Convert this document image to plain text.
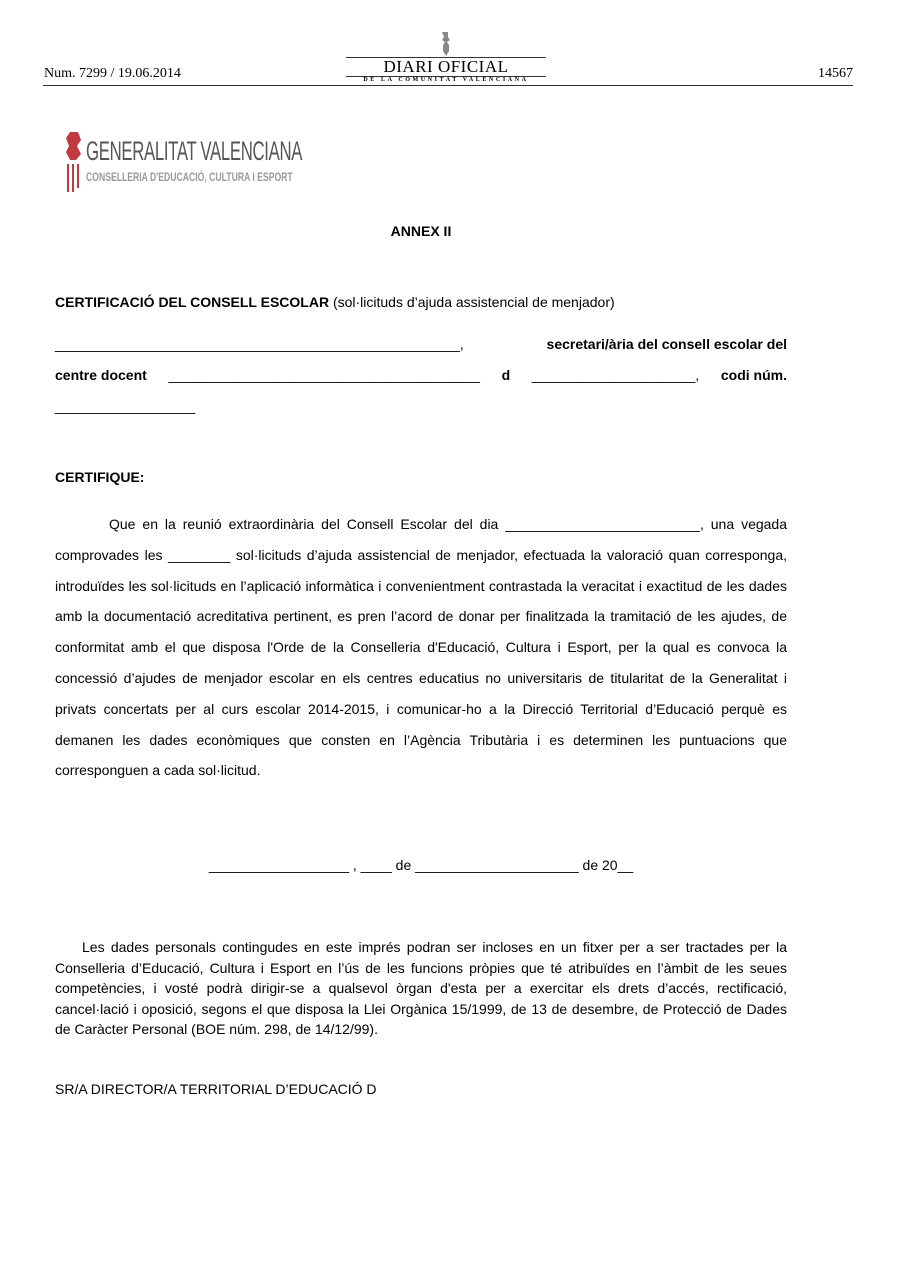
Num. 7299 / 19.06.2014	DIARI OFICIAL
DE LA COMUNITAT VALENCIANA	14567
GENERALITAT VALENCIANA
CONSELLERIA D'EDUCACIÓ, CULTURA I ESPORT
ANNEX II
CERTIFICACIÓ DEL CONSELL ESCOLAR (sol·licituds d’ajuda assistencial de menjador)
____________________________________________________,	secretari/ària del consell escolar del
centre docent ________________________________________ d _____________________, codi núm.
__________________
CERTIFIQUE:
Que en la reunió extraordinària del Consell Escolar del dia _________________________, una vegada comprovades les ________ sol·licituds d’ajuda assistencial de menjador, efectuada la valoració quan corresponga, introduïdes les sol·licituds en l’aplicació informàtica i convenientment contrastada la veracitat i exactitud de les dades amb la documentació acreditativa pertinent, es pren l’acord de donar per finalitzada la tramitació de les ajudes, de conformitat amb el que disposa l'Orde de la Conselleria d'Educació, Cultura i Esport, per la qual es convoca la concessió d’ajudes de menjador escolar en els centres educatius no universitaris de titularitat de la Generalitat i privats concertats per al curs escolar 2014-2015, i comunicar-ho a la Direcció Territorial d’Educació perquè es demanen les dades econòmiques que consten en l’Agència Tributària i es determinen les puntuacions que corresponguen a cada sol·licitud.
__________________ , ____ de _____________________ de 20__
Les dades personals contingudes en este imprés podran ser incloses en un fitxer per a ser tractades per la Conselleria d’Educació, Cultura i Esport en l’ús de les funcions pròpies que té atribuïdes en l’àmbit de les seues competències, i vosté podrà dirigir-se a qualsevol òrgan d'esta per a exercitar els drets d’accés, rectificació, cancel·lació i oposició, segons el que disposa la Llei Orgànica 15/1999, de 13 de desembre, de Protecció de Dades de Caràcter Personal (BOE núm. 298, de 14/12/99).
SR/A DIRECTOR/A TERRITORIAL D’EDUCACIÓ D
